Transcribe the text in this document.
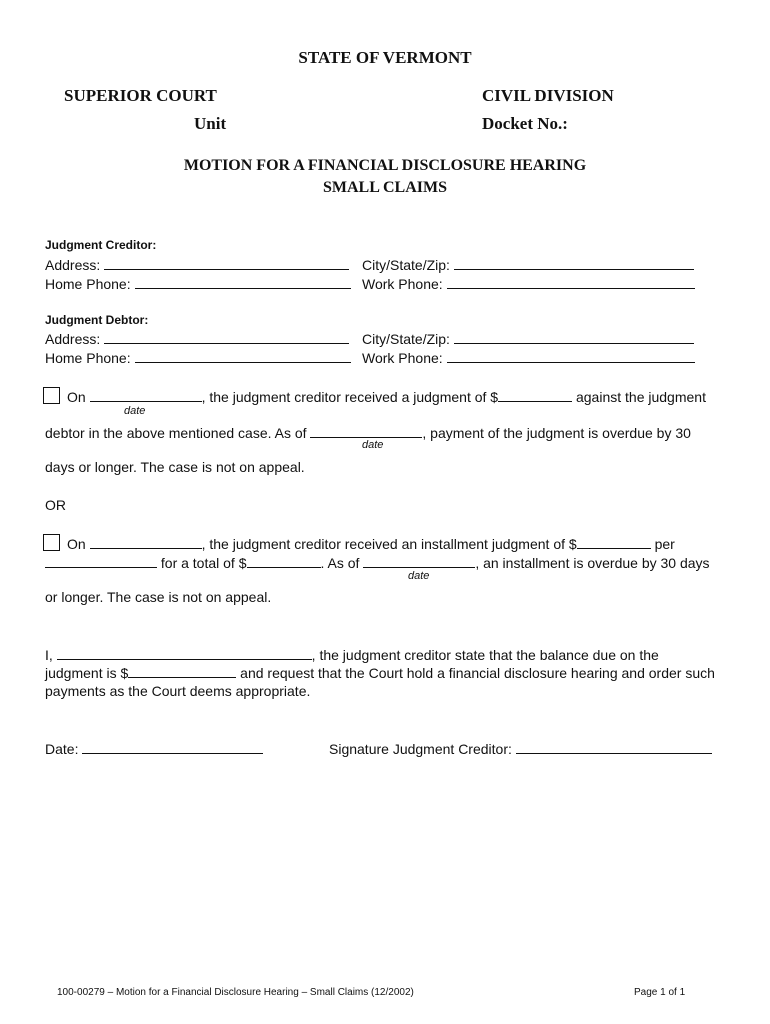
STATE OF VERMONT
SUPERIOR COURT	CIVIL DIVISION
Unit	Docket No.:
MOTION FOR A FINANCIAL DISCLOSURE HEARING
SMALL CLAIMS
Judgment Creditor:
Address:	City/State/Zip:
Home Phone:	Work Phone:
Judgment Debtor:
Address:	City/State/Zip:
Home Phone:	Work Phone:
On	, the judgment creditor received a judgment of $	against the judgment
date
debtor in the above mentioned case. As of	, payment of the judgment is overdue by 30
date
days or longer. The case is not on appeal.
OR
On	, the judgment creditor received an installment judgment of $	per
for a total of $	. As of	, an installment is overdue by 30 days
date
or longer. The case is not on appeal.
I,	, the judgment creditor state that the balance due on the
judgment is $	and request that the Court hold a financial disclosure hearing and order such
payments as the Court deems appropriate.
Date:	Signature Judgment Creditor:
100-00279 – Motion for a Financial Disclosure Hearing – Small Claims (12/2002)	Page 1 of 1
